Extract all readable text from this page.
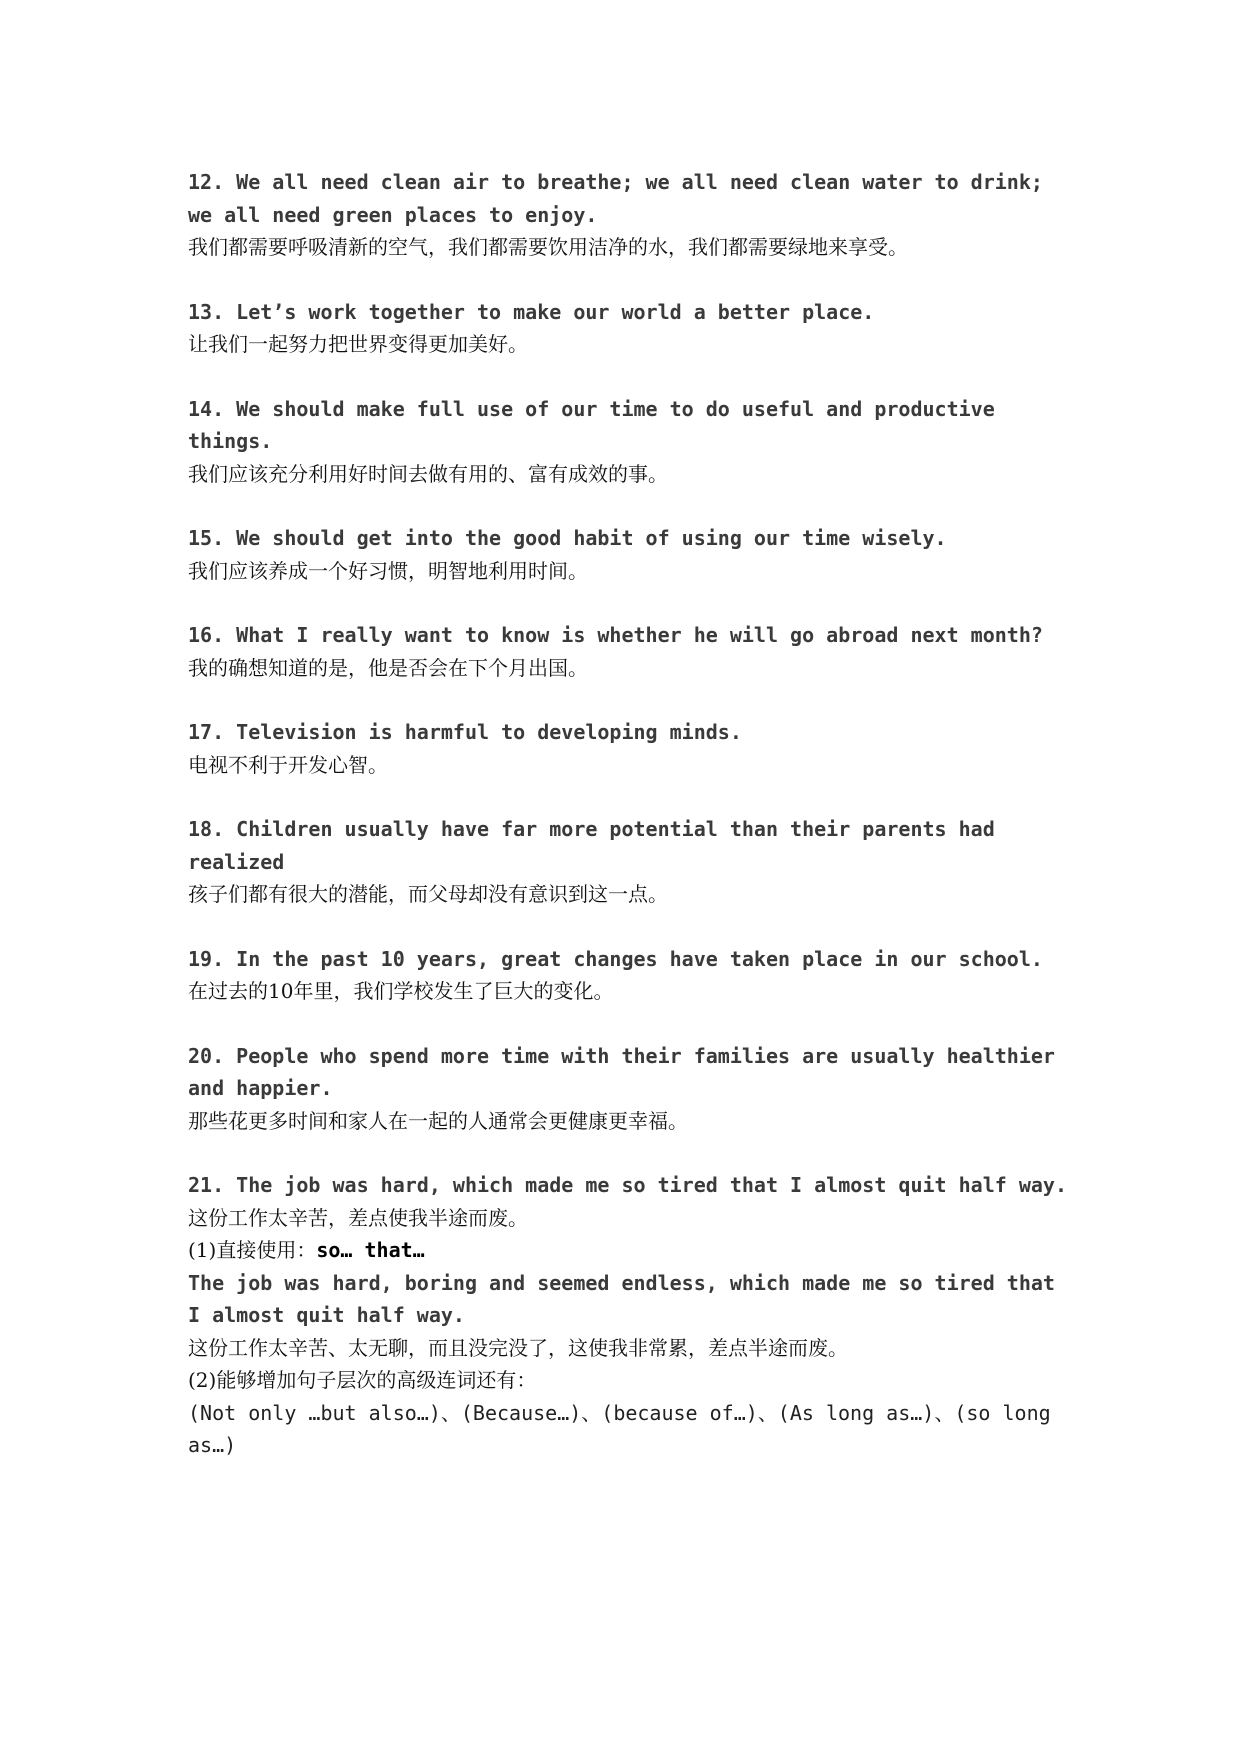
12. We all need clean air to breathe; we all need clean water to drink; we all need green places to enjoy.
我们都需要呼吸清新的空气，我们都需要饮用洁净的水，我们都需要绿地来享受。
13. Let’s work together to make our world a better place.
让我们一起努力把世界变得更加美好。
14. We should make full use of our time to do useful and productive things.
我们应该充分利用好时间去做有用的、富有成效的事。
15. We should get into the good habit of using our time wisely.
我们应该养成一个好习惯，明智地利用时间。
16. What I really want to know is whether he will go abroad next month?
我的确想知道的是，他是否会在下个月出国。
17. Television is harmful to developing minds.
电视不利于开发心智。
18. Children usually have far more potential than their parents had realized
孩子们都有很大的潜能，而父母却没有意识到这一点。
19. In the past 10 years, great changes have taken place in our school.
在过去的10年里，我们学校发生了巨大的变化。
20. People who spend more time with their families are usually healthier and happier.
那些花更多时间和家人在一起的人通常会更健康更幸福。
21. The job was hard, which made me so tired that I almost quit half way.
这份工作太辛苦，差点使我半途而废。
(1)直接使用：so… that…
The job was hard, boring and seemed endless, which made me so tired that I almost quit half way.
这份工作太辛苦、太无聊，而且没完没了，这使我非常累，差点半途而废。
(2)能够增加句子层次的高级连词还有：
(Not only …but also…)、(Because…)、(because of…)、(As long as…)、(so long as…)
